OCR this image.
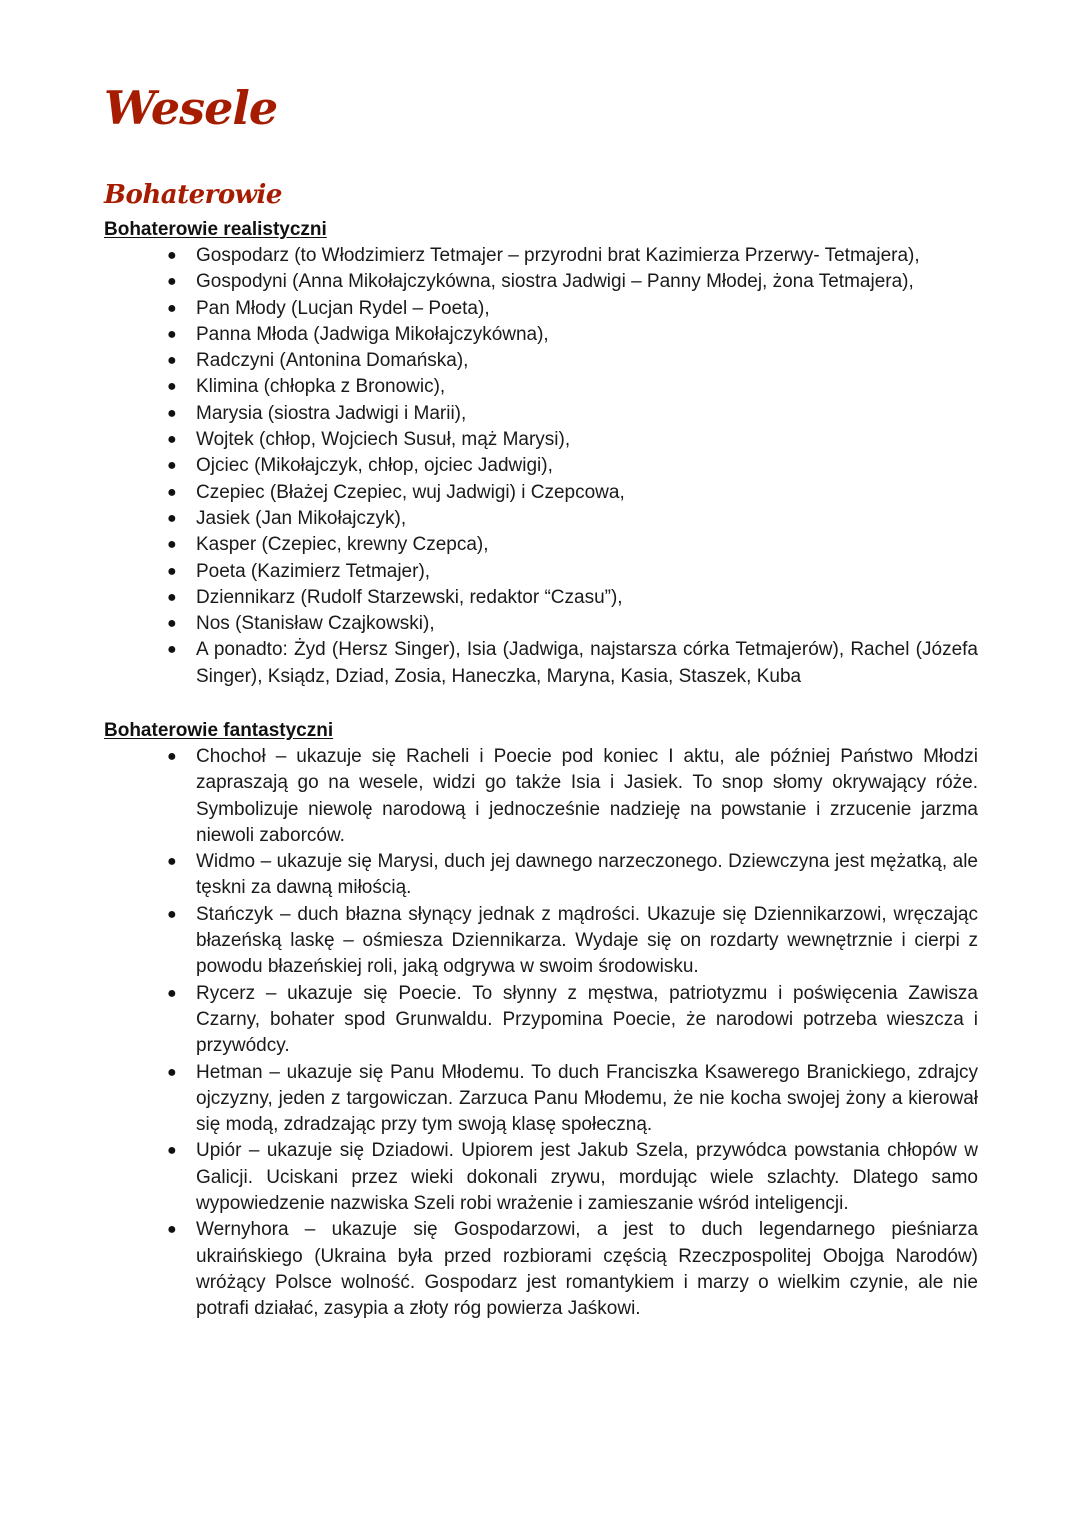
Wesele
Bohaterowie
Bohaterowie realistyczni
● Gospodarz (to Włodzimierz Tetmajer – przyrodni brat Kazimierza Przerwy- Tetmajera),
● Gospodyni (Anna Mikołajczykówna, siostra Jadwigi – Panny Młodej, żona Tetmajera),
● Pan Młody (Lucjan Rydel – Poeta),
● Panna Młoda (Jadwiga Mikołajczykówna),
● Radczyni (Antonina Domańska),
● Klimina (chłopka z Bronowic),
● Marysia (siostra Jadwigi i Marii),
● Wojtek (chłop, Wojciech Susuł, mąż Marysi),
● Ojciec (Mikołajczyk, chłop, ojciec Jadwigi),
● Czepiec (Błażej Czepiec, wuj Jadwigi) i Czepcowa,
● Jasiek (Jan Mikołajczyk),
● Kasper (Czepiec, krewny Czepca),
● Poeta (Kazimierz Tetmajer),
● Dziennikarz (Rudolf Starzewski, redaktor “Czasu”),
● Nos (Stanisław Czajkowski),
● A ponadto: Żyd (Hersz Singer), Isia (Jadwiga, najstarsza córka Tetmajerów), Rachel (Józefa Singer), Ksiądz, Dziad, Zosia, Haneczka, Maryna, Kasia, Staszek, Kuba
Bohaterowie fantastyczni
● Chochoł – ukazuje się Racheli i Poecie pod koniec I aktu, ale później Państwo Młodzi zapraszają go na wesele, widzi go także Isia i Jasiek. To snop słomy okrywający róże. Symbolizuje niewolę narodową i jednocześnie nadzieję na powstanie i zrzucenie jarzma niewoli zaborców.
● Widmo – ukazuje się Marysi, duch jej dawnego narzeczonego. Dziewczyna jest mężatką, ale tęskni za dawną miłością.
● Stańczyk – duch błazna słynący jednak z mądrości. Ukazuje się Dziennikarzowi, wręczając błazeńską laskę – ośmiesza Dziennikarza. Wydaje się on rozdarty wewnętrznie i cierpi z powodu błazeńskiej roli, jaką odgrywa w swoim środowisku.
● Rycerz – ukazuje się Poecie. To słynny z męstwa, patriotyzmu i poświęcenia Zawisza Czarny, bohater spod Grunwaldu. Przypomina Poecie, że narodowi potrzeba wieszcza i przywódcy.
● Hetman – ukazuje się Panu Młodemu. To duch Franciszka Ksawerego Branickiego, zdrajcy ojczyzny, jeden z targowiczan. Zarzuca Panu Młodemu, że nie kocha swojej żony a kierował się modą, zdradzając przy tym swoją klasę społeczną.
● Upiór – ukazuje się Dziadowi. Upiorem jest Jakub Szela, przywódca powstania chłopów w Galicji. Uciskani przez wieki dokonali zrywu, mordując wiele szlachty. Dlatego samo wypowiedzenie nazwiska Szeli robi wrażenie i zamieszanie wśród inteligencji.
● Wernyhora – ukazuje się Gospodarzowi, a jest to duch legendarnego pieśniarza ukraińskiego (Ukraina była przed rozbiorami częścią Rzeczpospolitej Obojga Narodów) wróżący Polsce wolność. Gospodarz jest romantykiem i marzy o wielkim czynie, ale nie potrafi działać, zasypia a złoty róg powierza Jaśkowi.
